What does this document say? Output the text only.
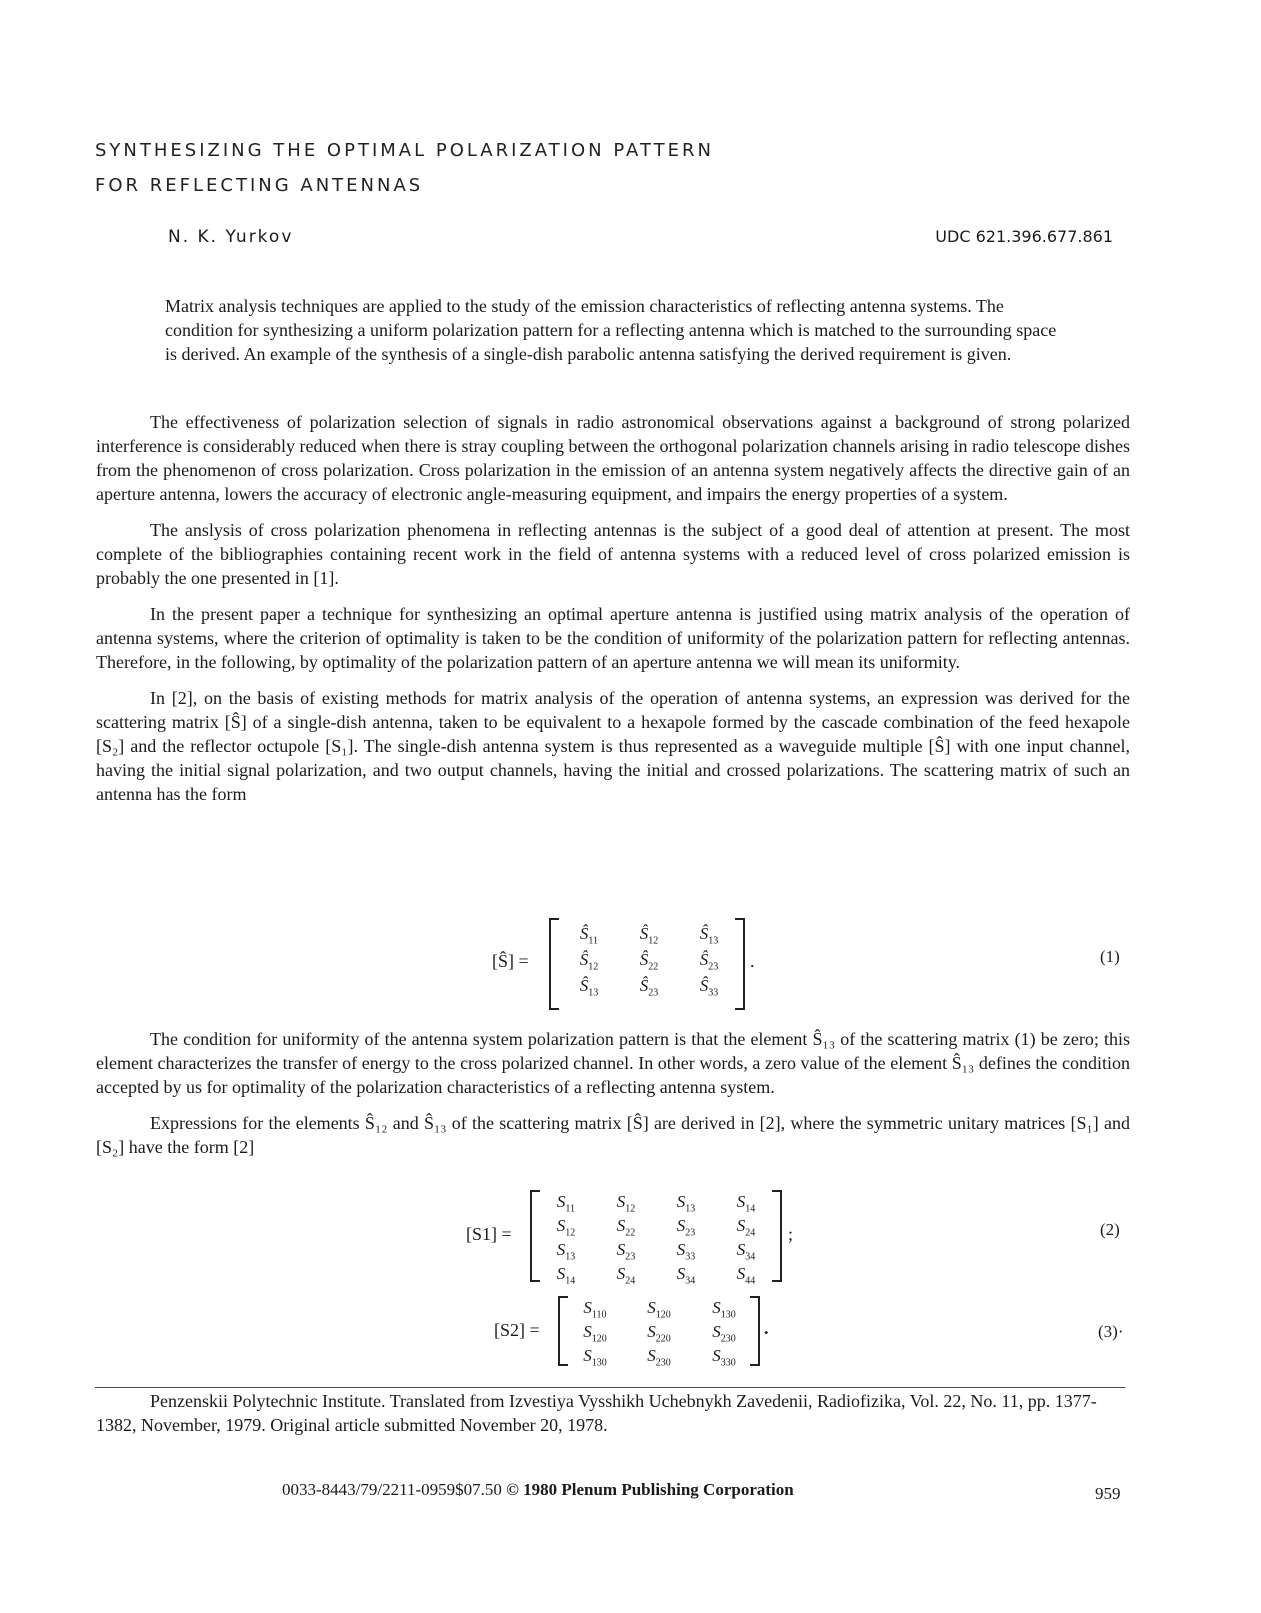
SYNTHESIZING THE OPTIMAL POLARIZATION PATTERN
FOR REFLECTING ANTENNAS
N. K. Yurkov	UDC 621.396.677.861
Matrix analysis techniques are applied to the study of the emission characteristics of reflecting antenna systems. The condition for synthesizing a uniform polarization pattern for a reflecting antenna which is matched to the surrounding space is derived. An example of the synthesis of a single-dish parabolic antenna satisfying the derived requirement is given.

The effectiveness of polarization selection of signals in radio astronomical observations against a background of strong polarized interference is considerably reduced when there is stray coupling between the orthogonal polarization channels arising in radio telescope dishes from the phenomenon of cross polarization. Cross polarization in the emission of an antenna system negatively affects the directive gain of an aperture antenna, lowers the accuracy of electronic angle-measuring equipment, and impairs the energy properties of a system.

The anslysis of cross polarization phenomena in reflecting antennas is the subject of a good deal of attention at present. The most complete of the bibliographies containing recent work in the field of antenna systems with a reduced level of cross polarized emission is probably the one presented in [1].

In the present paper a technique for synthesizing an optimal aperture antenna is justified using matrix analysis of the operation of antenna systems, where the criterion of optimality is taken to be the condition of uniformity of the polarization pattern for reflecting antennas. Therefore, in the following, by optimality of the polarization pattern of an aperture antenna we will mean its uniformity.

In [2], on the basis of existing methods for matrix analysis of the operation of antenna systems, an expression was derived for the scattering matrix [Ŝ] of a single-dish antenna, taken to be equivalent to a hexapole formed by the cascade combination of the feed hexapole [S₂] and the reflector octupole [S₁]. The single-dish antenna system is thus represented as a waveguide multiple [Ŝ] with one input channel, having the initial signal polarization, and two output channels, having the initial and crossed polarizations. The scattering matrix of such an antenna has the form

[Ŝ] =
$Ŝ_{11}$	$Ŝ_{12}$	$Ŝ_{13}$
$Ŝ_{12}$	$Ŝ_{22}$	$Ŝ_{23}$
$Ŝ_{13}$	$Ŝ_{23}$	$Ŝ_{33}$
.	(1)

The condition for uniformity of the antenna system polarization pattern is that the element Ŝ₁₃ of the scattering matrix (1) be zero; this element characterizes the transfer of energy to the cross polarized channel. In other words, a zero value of the element Ŝ₁₃ defines the condition accepted by us for optimality of the polarization characteristics of a reflecting antenna system.

Expressions for the elements Ŝ₁₂ and Ŝ₁₃ of the scattering matrix [Ŝ] are derived in [2], where the symmetric unitary matrices [S₁] and [S₂] have the form [2]

[S1] =
$S_{11}$	$S_{12}$	$S_{13}$	$S_{14}$
$S_{12}$	$S_{22}$	$S_{23}$	$S_{24}$
$S_{13}$	$S_{23}$	$S_{33}$	$S_{34}$
$S_{14}$	$S_{24}$	$S_{34}$	$S_{44}$
;	(2)
[S2] =
$S_{110}$	$S_{120}$	$S_{130}$
$S_{120}$	$S_{220}$	$S_{230}$
$S_{130}$	$S_{230}$	$S_{330}$
.	(3)·

Penzenskii Polytechnic Institute. Translated from Izvestiya Vysshikh Uchebnykh Zavedenii, Radiofizika, Vol. 22, No. 11, pp. 1377-1382, November, 1979. Original article submitted November 20, 1978.

0033-8443/79/2211-0959$07.50 © 1980 Plenum Publishing Corporation	959
